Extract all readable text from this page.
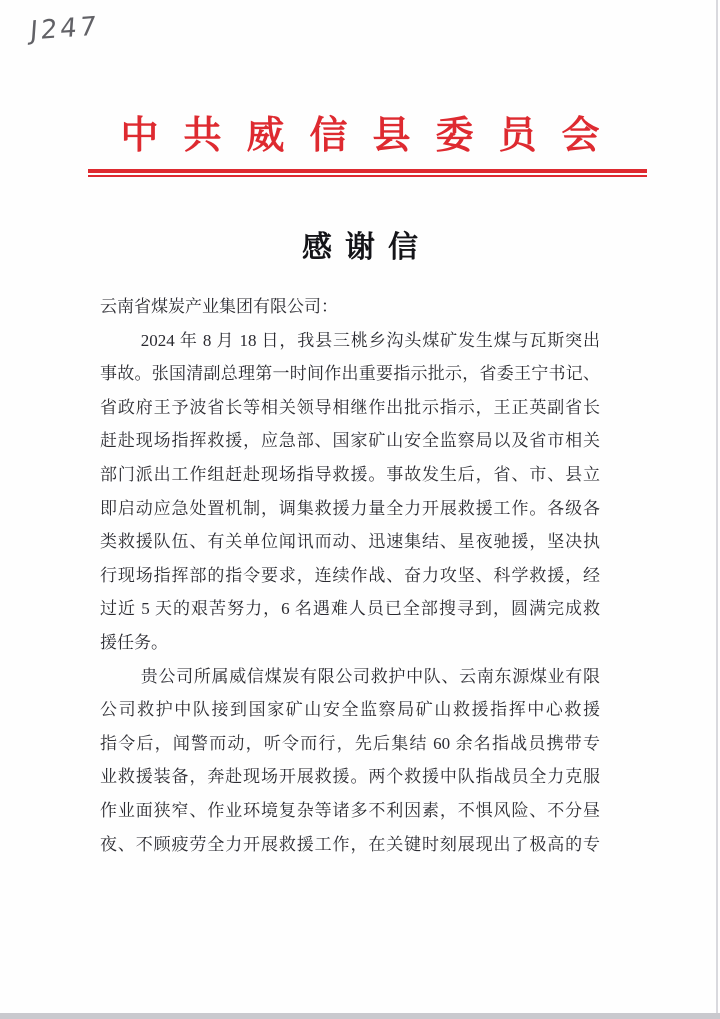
J247
中共威信县委员会
感谢信
云南省煤炭产业集团有限公司：
2024 年 8 月 18 日，我县三桃乡沟头煤矿发生煤与瓦斯突出
事故。张国清副总理第一时间作出重要指示批示，省委王宁书记、
省政府王予波省长等相关领导相继作出批示指示，王正英副省长
赶赴现场指挥救援，应急部、国家矿山安全监察局以及省市相关
部门派出工作组赶赴现场指导救援。事故发生后，省、市、县立
即启动应急处置机制，调集救援力量全力开展救援工作。各级各
类救援队伍、有关单位闻讯而动、迅速集结、星夜驰援，坚决执
行现场指挥部的指令要求，连续作战、奋力攻坚、科学救援，经
过近 5 天的艰苦努力，6 名遇难人员已全部搜寻到，圆满完成救
援任务。
贵公司所属威信煤炭有限公司救护中队、云南东源煤业有限
公司救护中队接到国家矿山安全监察局矿山救援指挥中心救援
指令后，闻警而动，听令而行，先后集结 60 余名指战员携带专
业救援装备，奔赴现场开展救援。两个救援中队指战员全力克服
作业面狭窄、作业环境复杂等诸多不利因素，不惧风险、不分昼
夜、不顾疲劳全力开展救援工作，在关键时刻展现出了极高的专
